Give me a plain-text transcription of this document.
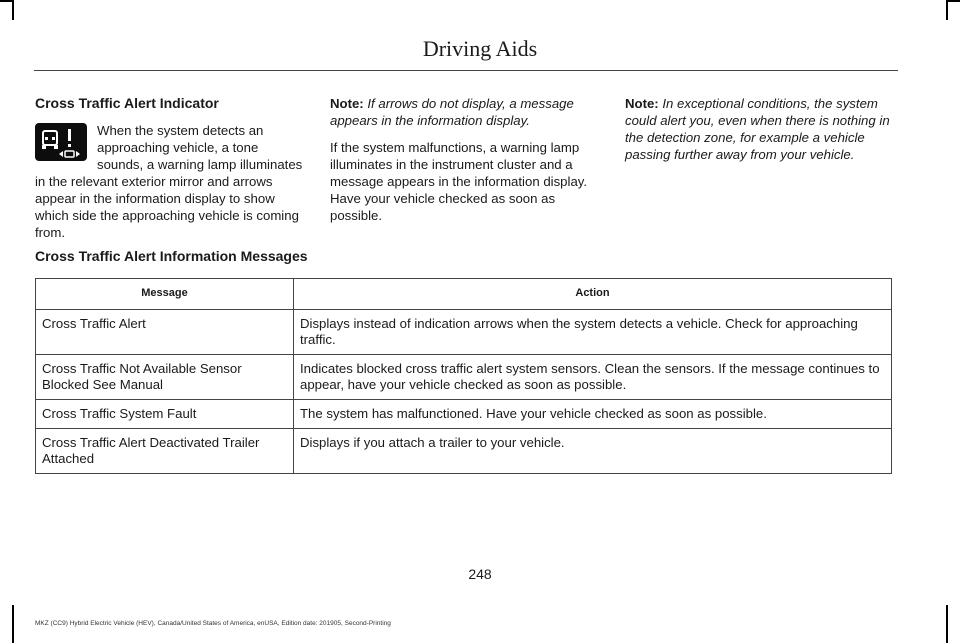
Driving Aids
Cross Traffic Alert Indicator

When the system detects an approaching vehicle, a tone sounds, a warning lamp illuminates in the relevant exterior mirror and arrows appear in the information display to show which side the approaching vehicle is coming from.

Note: If arrows do not display, a message appears in the information display.

If the system malfunctions, a warning lamp illuminates in the instrument cluster and a message appears in the information display. Have your vehicle checked as soon as possible.

Note: In exceptional conditions, the system could alert you, even when there is nothing in the detection zone, for example a vehicle passing further away from your vehicle.

Cross Traffic Alert Information Messages
Message	Action
Cross Traffic Alert	Displays instead of indication arrows when the system detects a vehicle. Check for approaching traffic.
Cross Traffic Not Available Sensor Blocked See Manual	Indicates blocked cross traffic alert system sensors. Clean the sensors. If the message continues to appear, have your vehicle checked as soon as possible.
Cross Traffic System Fault	The system has malfunctioned. Have your vehicle checked as soon as possible.
Cross Traffic Alert Deactivated Trailer Attached	Displays if you attach a trailer to your vehicle.
248
MKZ (CC9) Hybrid Electric Vehicle (HEV), Canada/United States of America, enUSA, Edition date: 201905, Second-Printing
